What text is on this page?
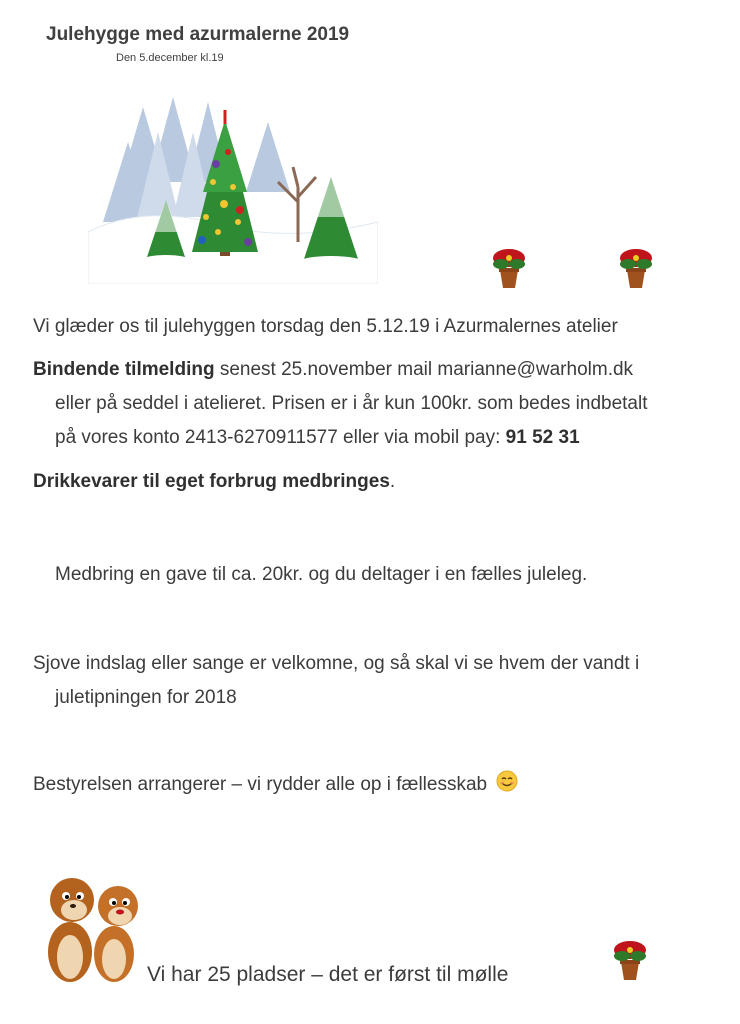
Julehygge med azurmalerne 2019
Den 5.december kl.19
Vi glæder os til julehyggen torsdag den 5.12.19 i Azurmalernes atelier
Bindende tilmelding senest 25.november mail marianne@warholm.dk
eller på seddel i atelieret. Prisen er i år kun 100kr. som bedes indbetalt
på vores konto 2413-6270911577 eller via mobil pay: 91 52 31
Drikkevarer til eget forbrug medbringes.
Medbring en gave til ca. 20kr. og du deltager i en fælles juleleg.
Sjove indslag eller sange er velkomne, og så skal vi se hvem der vandt i
juletipningen for 2018
Bestyrelsen arrangerer – vi rydder alle op i fællesskab
Vi har 25 pladser – det er først til mølle
